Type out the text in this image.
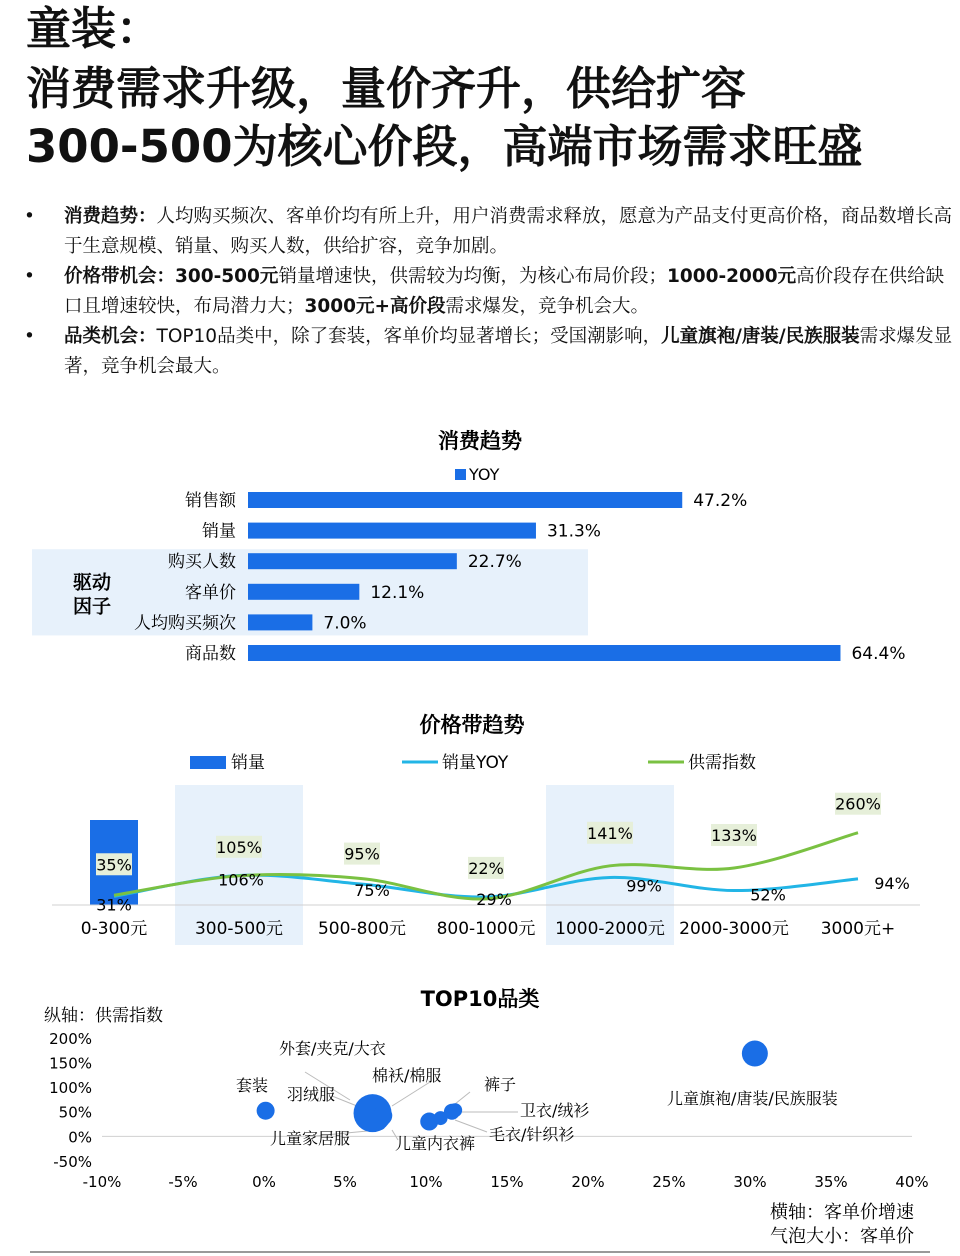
童装：
消费需求升级，量价齐升，供给扩容
300-500为核心价段，高端市场需求旺盛
• 消费趋势：人均购买频次、客单价均有所上升，用户消费需求释放，愿意为产品支付更高价格，商品数增长高于生意规模、销量、购买人数，供给扩容，竞争加剧。
• 价格带机会：300-500元销量增速快，供需较为均衡，为核心布局价段；1000-2000元高价段存在供给缺口且增速较快，布局潜力大；3000元+高价段需求爆发，竞争机会大。
• 品类机会：TOP10品类中，除了套装，客单价均显著增长；受国潮影响，儿童旗袍/唐装/民族服装需求爆发显著，竞争机会最大。
驱动
因子
消费趋势
YOY
销售额	47.2%
销量	31.3%
购买人数	22.7%
客单价	12.1%
人均购买频次	7.0%
商品数	64.4%
价格带趋势
销量	销量YOY	供需指数
31%
106%
75%	29%
99%	52%
94%
35%
105%	95%
22%
141%	133%
260%
0-300元	300-500元 500-800元 800-1000元 1000-2000元 2000-3000元 3000元+
TOP10品类
纵轴：供需指数
200%
150%
100%
50%
0%
-50%
-10%	-5%	0%	5%	10%	15%	20%	25%	30%	35%	40%
套装 羽绒服
棉袄/棉服
外套/夹克/大衣
儿童家居服	儿童内衣裤 毛衣/针织衫
卫衣/绒衫
裤子
儿童旗袍/唐装/民族服装
横轴：客单价增速
气泡大小：客单价
